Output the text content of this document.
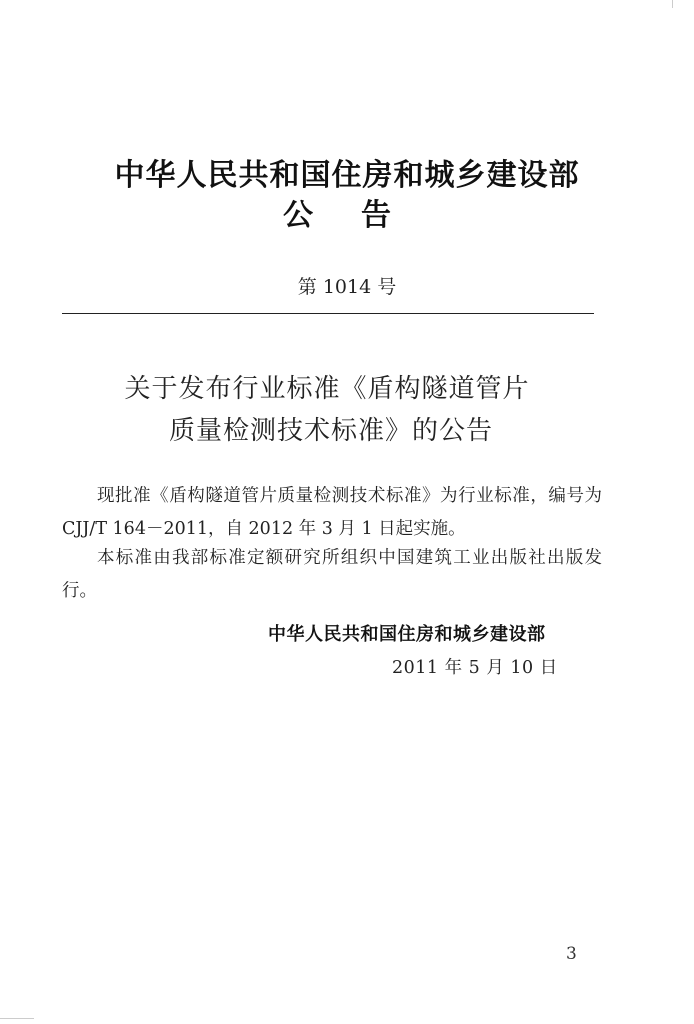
中华人民共和国住房和城乡建设部
公告
第 1014 号
关于发布行业标准《盾构隧道管片
质量检测技术标准》的公告
现批准《盾构隧道管片质量检测技术标准》为行业标准，编号为 CJJ/T 164－2011，自 2012 年 3 月 1 日起实施。
本标准由我部标准定额研究所组织中国建筑工业出版社出版发行。
中华人民共和国住房和城乡建设部
2011 年 5 月 10 日
3
